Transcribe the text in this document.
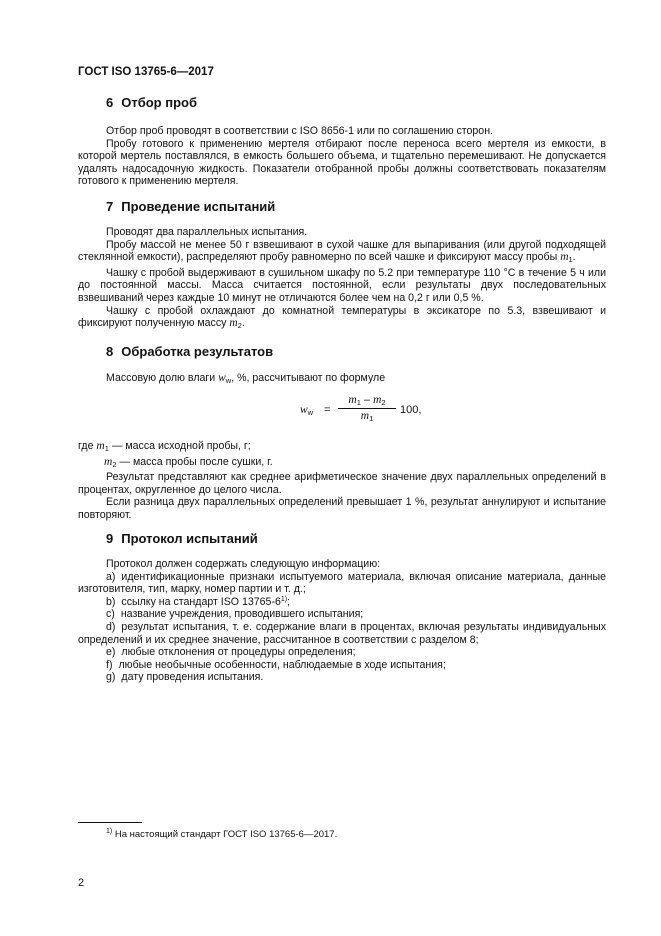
ГОСТ ISO 13765-6—2017
6 Отбор проб

Отбор проб проводят в соответствии с ISO 8656-1 или по соглашению сторон.

Пробу готового к применению мертеля отбирают после переноса всего мертеля из емкости, в которой мертель поставлялся, в емкость большего объема, и тщательно перемешивают. Не допускается удалять надосадочную жидкость. Показатели отобранной пробы должны соответствовать показателям готового к применению мертеля.

7 Проведение испытаний

Проводят два параллельных испытания.

Пробу массой не менее 50 г взвешивают в сухой чашке для выпаривания (или другой подходящей стеклянной емкости), распределяют пробу равномерно по всей чашке и фиксируют массу пробы $m_1$.

Чашку с пробой выдерживают в сушильном шкафу по 5.2 при температуре 110 °С в течение 5 ч или до постоянной массы. Масса считается постоянной, если результаты двух последовательных взвешиваний через каждые 10 минут не отличаются более чем на 0,2 г или 0,5 %.

Чашку с пробой охлаждают до комнатной температуры в эксикаторе по 5.3, взвешивают и фиксируют полученную массу $m_2$.

8 Обработка результатов

Массовую долю влаги $w_w$, %, рассчитывают по формуле

$w_w = \frac{m_1 - m_2}{m_1} 100$,

где $m_1$ — масса исходной пробы, г;

$m_2$ — масса пробы после сушки, г.

Результат представляют как среднее арифметическое значение двух параллельных определений в процентах, округленное до целого числа.

Если разница двух параллельных определений превышает 1 %, результат аннулируют и испытание повторяют.

9 Протокол испытаний

Протокол должен содержать следующую информацию:

a) идентификационные признаки испытуемого материала, включая описание материала, данные изготовителя, тип, марку, номер партии и т. д.;

b) ссылку на стандарт ISO 13765-6$^{1)}$;

c) название учреждения, проводившего испытания;

d) результат испытания, т. е. содержание влаги в процентах, включая результаты индивидуальных определений и их среднее значение, рассчитанное в соответствии с разделом 8;

e) любые отклонения от процедуры определения;

f) любые необычные особенности, наблюдаемые в ходе испытания;

g) дату проведения испытания.

$^{1)}$ На настоящий стандарт ГОСТ ISO 13765-6—2017.
2
